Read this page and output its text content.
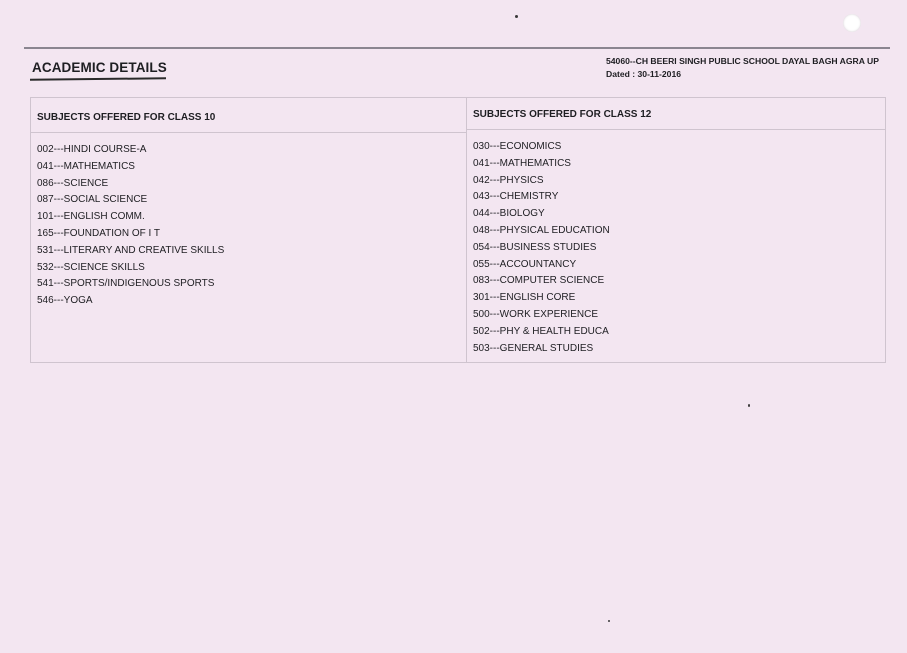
ACADEMIC DETAILS	54060--CH BEERI SINGH PUBLIC SCHOOL DAYAL BAGH AGRA UP
Dated : 30-11-2016
SUBJECTS OFFERED FOR CLASS 10
002---HINDI COURSE-A
041---MATHEMATICS
086---SCIENCE
087---SOCIAL SCIENCE
101---ENGLISH COMM.
165---FOUNDATION OF I T
531---LITERARY AND CREATIVE SKILLS
532---SCIENCE SKILLS
541---SPORTS/INDIGENOUS SPORTS
546---YOGA
SUBJECTS OFFERED FOR CLASS 12
030---ECONOMICS
041---MATHEMATICS
042---PHYSICS
043---CHEMISTRY
044---BIOLOGY
048---PHYSICAL EDUCATION
054---BUSINESS STUDIES
055---ACCOUNTANCY
083---COMPUTER SCIENCE
301---ENGLISH CORE
500---WORK EXPERIENCE
502---PHY & HEALTH EDUCA
503---GENERAL STUDIES
